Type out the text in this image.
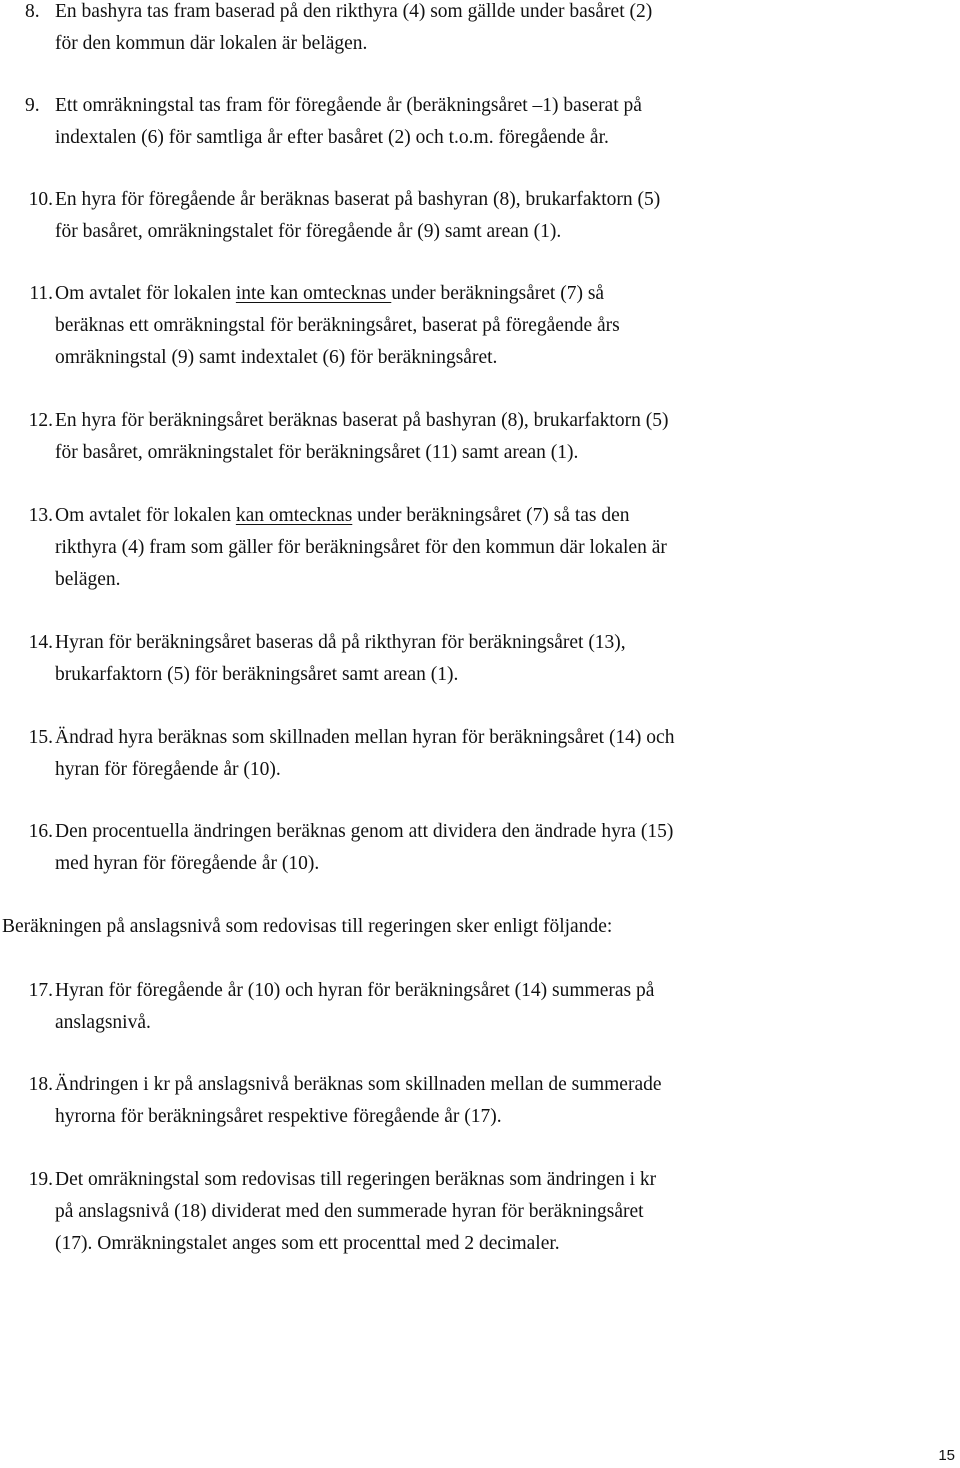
8. En bashyra tas fram baserad på den rikthyra (4) som gällde under basåret (2)
för den kommun där lokalen är belägen.
9. Ett omräkningstal tas fram för föregående år (beräkningsåret –1) baserat på
indextalen (6) för samtliga år efter basåret (2) och t.o.m. föregående år.
10. En hyra för föregående år beräknas baserat på bashyran (8), brukarfaktorn (5)
för basåret, omräkningstalet för föregående år (9) samt arean (1).
11. Om avtalet för lokalen inte kan omtecknas under beräkningsåret (7) så
beräknas ett omräkningstal för beräkningsåret, baserat på föregående års
omräkningstal (9) samt indextalet (6) för beräkningsåret.
12. En hyra för beräkningsåret beräknas baserat på bashyran (8), brukarfaktorn (5)
för basåret, omräkningstalet för beräkningsåret (11) samt arean (1).
13. Om avtalet för lokalen kan omtecknas under beräkningsåret (7) så tas den
rikthyra (4) fram som gäller för beräkningsåret för den kommun där lokalen är
belägen.
14. Hyran för beräkningsåret baseras då på rikthyran för beräkningsåret (13),
brukarfaktorn (5) för beräkningsåret samt arean (1).
15. Ändrad hyra beräknas som skillnaden mellan hyran för beräkningsåret (14) och
hyran för föregående år (10).
16. Den procentuella ändringen beräknas genom att dividera den ändrade hyra (15)
med hyran för föregående år (10).
Beräkningen på anslagsnivå som redovisas till regeringen sker enligt följande:
17. Hyran för föregående år (10) och hyran för beräkningsåret (14) summeras på
anslagsnivå.
18. Ändringen i kr på anslagsnivå beräknas som skillnaden mellan de summerade
hyrorna för beräkningsåret respektive föregående år (17).
19. Det omräkningstal som redovisas till regeringen beräknas som ändringen i kr
på anslagsnivå (18) dividerat med den summerade hyran för beräkningsåret
(17). Omräkningstalet anges som ett procenttal med 2 decimaler.
15
